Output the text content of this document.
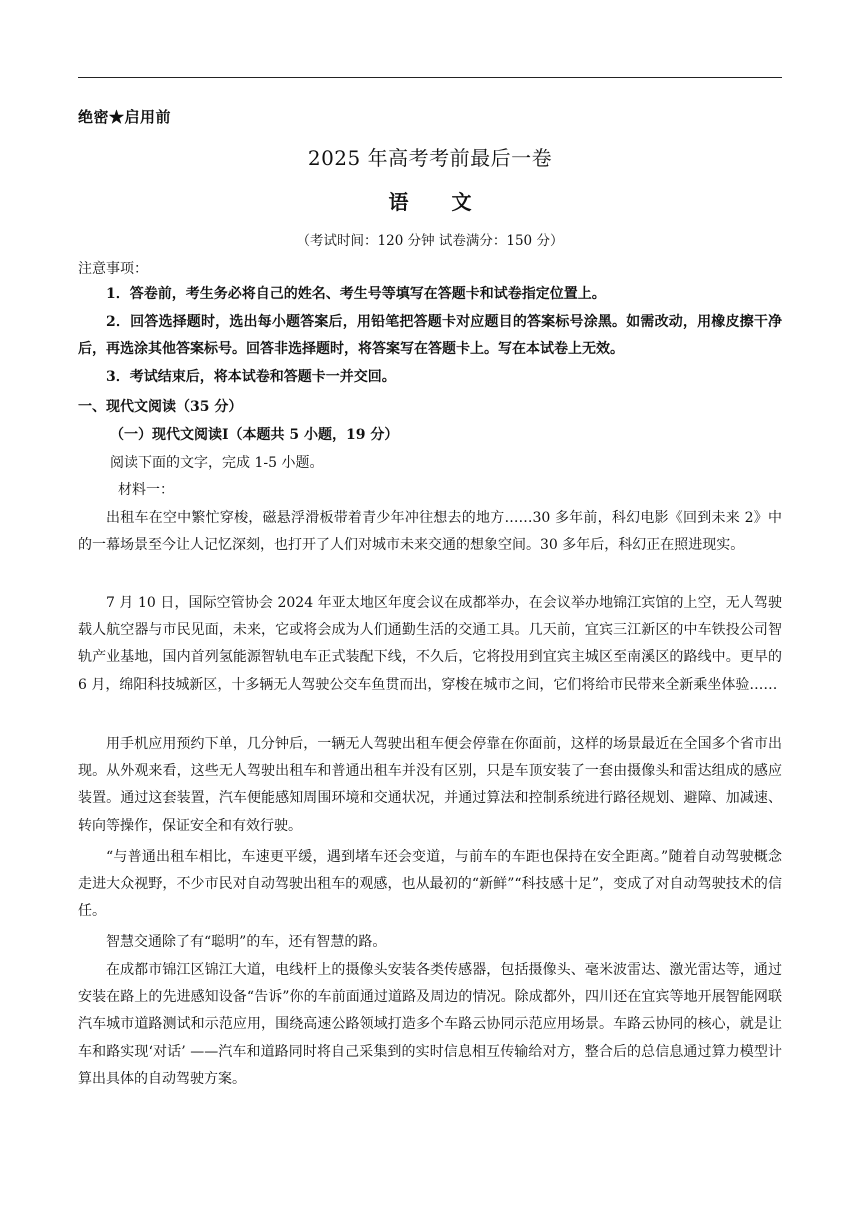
绝密★启用前
2025 年高考考前最后一卷
语 文
（考试时间：120 分钟 试卷满分：150 分）
注意事项：
1．答卷前，考生务必将自己的姓名、考生号等填写在答题卡和试卷指定位置上。
2．回答选择题时，选出每小题答案后，用铅笔把答题卡对应题目的答案标号涂黑。如需改动，用橡皮擦干净后，再选涂其他答案标号。回答非选择题时，将答案写在答题卡上。写在本试卷上无效。
3．考试结束后，将本试卷和答题卡一并交回。
一、现代文阅读（35 分）
（一）现代文阅读Ⅰ（本题共 5 小题，19 分）
阅读下面的文字，完成 1-5 小题。
材料一：
出租车在空中繁忙穿梭，磁悬浮滑板带着青少年冲往想去的地方……30 多年前，科幻电影《回到未来 2》中的一幕场景至今让人记忆深刻，也打开了人们对城市未来交通的想象空间。30 多年后，科幻正在照进现实。
7 月 10 日，国际空管协会 2024 年亚太地区年度会议在成都举办，在会议举办地锦江宾馆的上空，无人驾驶载人航空器与市民见面，未来，它或将会成为人们通勤生活的交通工具。几天前，宜宾三江新区的中车铁投公司智轨产业基地，国内首列氢能源智轨电车正式装配下线，不久后，它将投用到宜宾主城区至南溪区的路线中。更早的 6 月，绵阳科技城新区，十多辆无人驾驶公交车鱼贯而出，穿梭在城市之间，它们将给市民带来全新乘坐体验……
用手机应用预约下单，几分钟后，一辆无人驾驶出租车便会停靠在你面前，这样的场景最近在全国多个省市出现。从外观来看，这些无人驾驶出租车和普通出租车并没有区别，只是车顶安装了一套由摄像头和雷达组成的感应装置。通过这套装置，汽车便能感知周围环境和交通状况，并通过算法和控制系统进行路径规划、避障、加减速、转向等操作，保证安全和有效行驶。
“与普通出租车相比，车速更平缓，遇到堵车还会变道，与前车的车距也保持在安全距离。”随着自动驾驶概念走进大众视野，不少市民对自动驾驶出租车的观感，也从最初的“新鲜”“科技感十足”，变成了对自动驾驶技术的信任。
智慧交通除了有“聪明”的车，还有智慧的路。
在成都市锦江区锦江大道，电线杆上的摄像头安装各类传感器，包括摄像头、毫米波雷达、激光雷达等，通过安装在路上的先进感知设备“告诉”你的车前面通过道路及周边的情况。除成都外，四川还在宜宾等地开展智能网联汽车城市道路测试和示范应用，围绕高速公路领域打造多个车路云协同示范应用场景。车路云协同的核心，就是让车和路实现‘对话’ ——汽车和道路同时将自己采集到的实时信息相互传输给对方，整合后的总信息通过算力模型计算出具体的自动驾驶方案。
